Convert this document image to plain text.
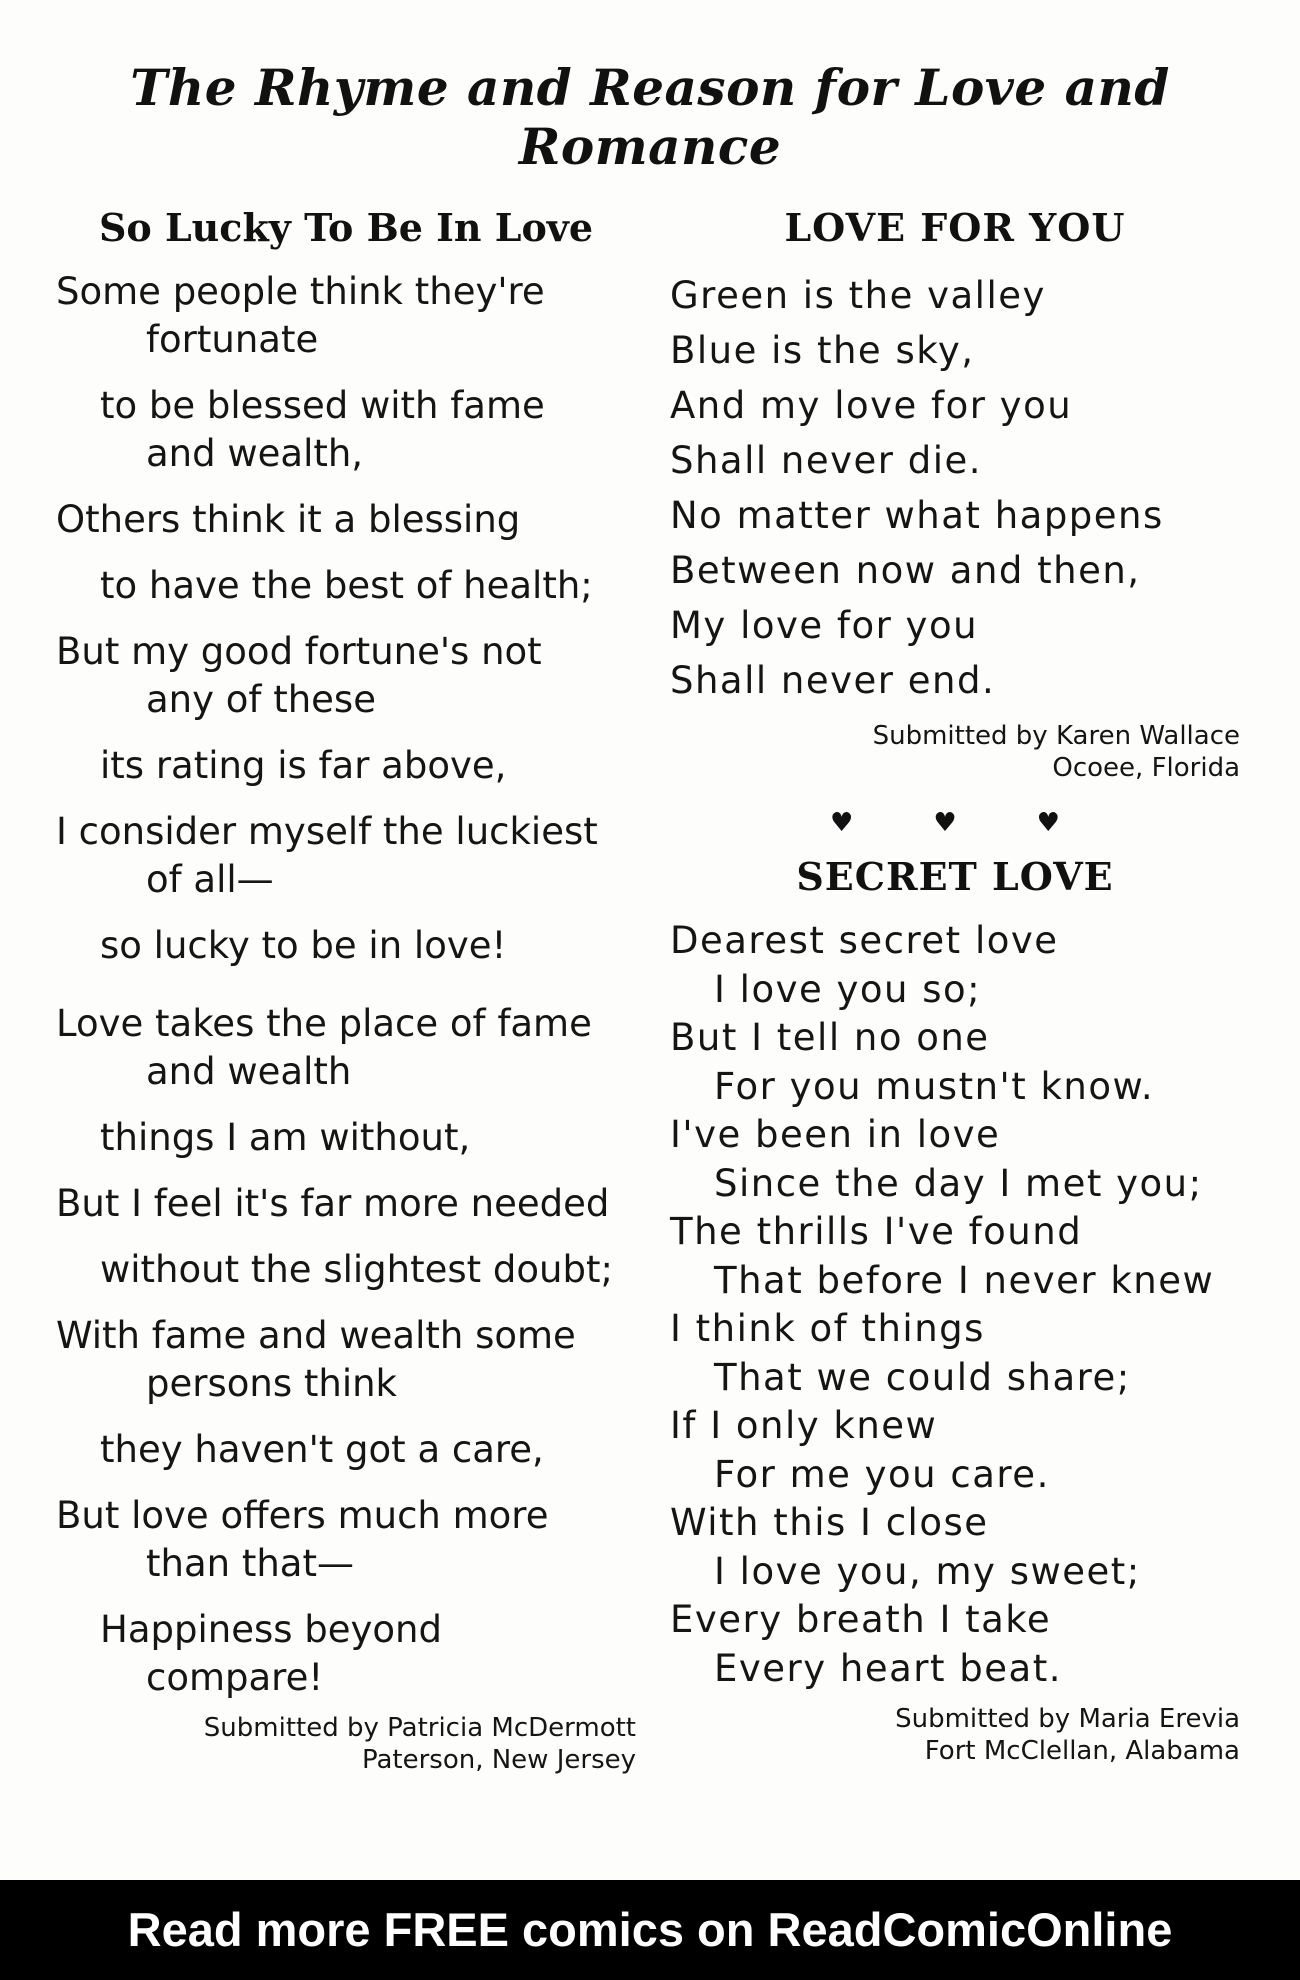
The Rhyme and Reason for Love and Romance
So Lucky To Be In Love
Some people think they're
fortunate
to be blessed with fame
and wealth,
Others think it a blessing
to have the best of health;
But my good fortune's not
any of these
its rating is far above,
I consider myself the luckiest
of all—
so lucky to be in love!
Love takes the place of fame
and wealth
things I am without,
But I feel it's far more needed
without the slightest doubt;
With fame and wealth some
persons think
they haven't got a care,
But love offers much more
than that—
Happiness beyond
compare!
Submitted by Patricia McDermott
Paterson, New Jersey
LOVE FOR YOU
Green is the valley
Blue is the sky,
And my love for you
Shall never die.
No matter what happens
Between now and then,
My love for you
Shall never end.
Submitted by Karen Wallace
Ocoee, Florida
♥♥♥
SECRET LOVE
Dearest secret love
I love you so;
But I tell no one
For you mustn't know.
I've been in love
Since the day I met you;
The thrills I've found
That before I never knew
I think of things
That we could share;
If I only knew
For me you care.
With this I close
I love you, my sweet;
Every breath I take
Every heart beat.
Submitted by Maria Erevia
Fort McClellan, Alabama
Read more FREE comics on ReadComicOnline
